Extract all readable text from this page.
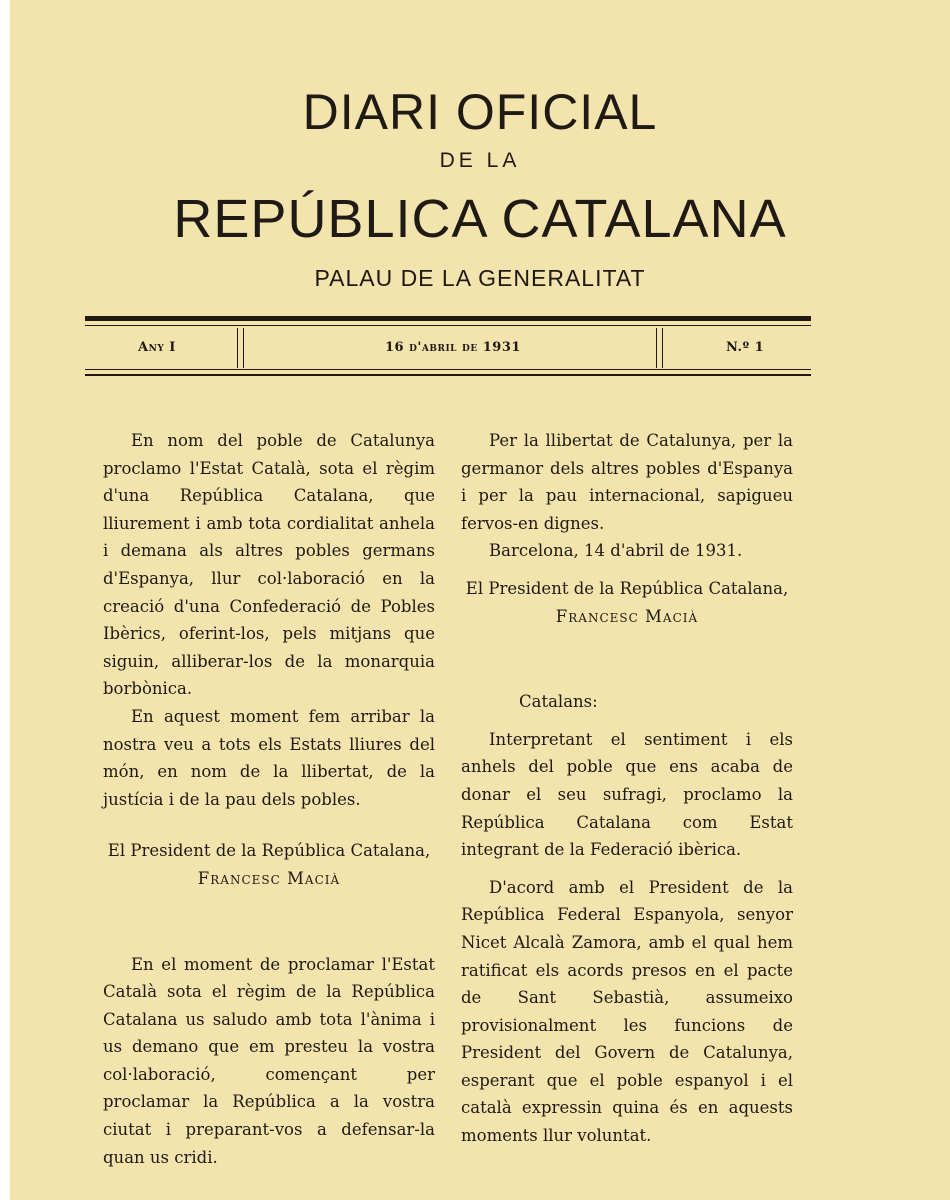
DIARI OFICIAL
DE LA
REPÚBLICA CATALANA
PALAU DE LA GENERALITAT
Any I	16 d'abril de 1931	N.º 1

En nom del poble de Catalunya proclamo l'Estat Català, sota el règim d'una República Catalana, que lliurement i amb tota cordialitat anhela i demana als altres pobles germans d'Espanya, llur col·laboració en la creació d'una Confederació de Pobles Ibèrics, oferint-los, pels mitjans que siguin, alliberar-los de la monarquia borbònica.

En aquest moment fem arribar la nostra veu a tots els Estats lliures del món, en nom de la llibertat, de la justícia i de la pau dels pobles.

El President de la República Catalana,

Francesc Macià

En el moment de proclamar l'Estat Català sota el règim de la República Catalana us saludo amb tota l'ànima i us demano que em presteu la vostra col·laboració, començant per proclamar la República a la vostra ciutat i preparant-vos a defensar-la quan us cridi.

Per la llibertat de Catalunya, per la germanor dels altres pobles d'Espanya i per la pau internacional, sapigueu fervos-en dignes.

Barcelona, 14 d'abril de 1931.

El President de la República Catalana,

Francesc Macià

Catalans:

Interpretant el sentiment i els anhels del poble que ens acaba de donar el seu sufragi, proclamo la República Catalana com Estat integrant de la Federació ibèrica.

D'acord amb el President de la República Federal Espanyola, senyor Nicet Alcalà Zamora, amb el qual hem ratificat els acords presos en el pacte de Sant Sebastià, assumeixo provisionalment les funcions de President del Govern de Catalunya, esperant que el poble espanyol i el català expressin quina és en aquests moments llur voluntat.
